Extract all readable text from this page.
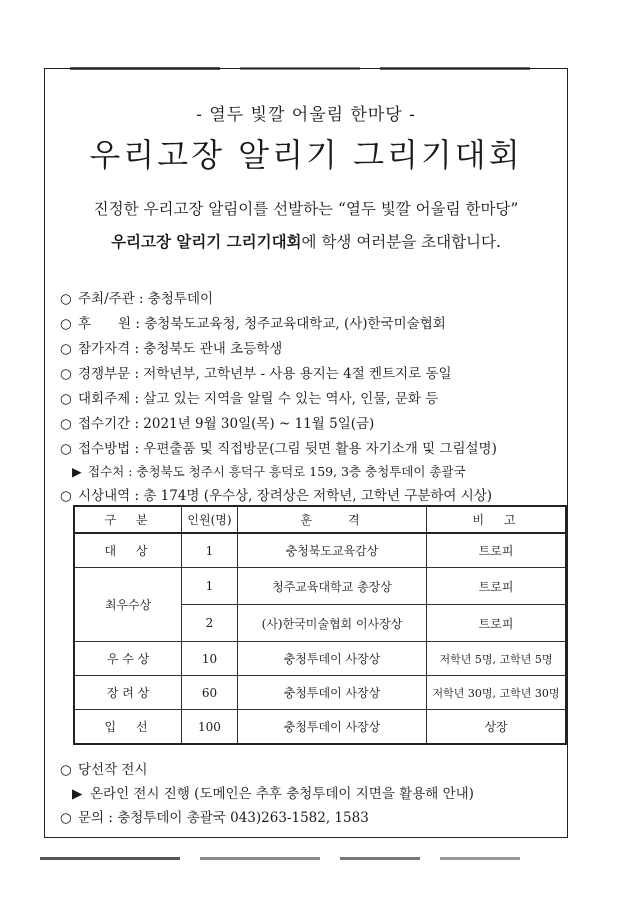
- 열두 빛깔 어울림 한마당 -
우리고장 알리기 그리기대회
진정한 우리고장 알림이를 선발하는 “열두 빛깔 어울림 한마당”
우리고장 알리기 그리기대회에 학생 여러분을 초대합니다.
○ 주최/주관 : 충청투데이
○ 후　　원 : 충청북도교육청, 청주교육대학교, (사)한국미술협회
○ 참가자격 : 충청북도 관내 초등학생
○ 경쟁부문 : 저학년부, 고학년부 - 사용 용지는 4절 켄트지로 동일
○ 대회주제 : 살고 있는 지역을 알릴 수 있는 역사, 인물, 문화 등
○ 접수기간 : 2021년 9월 30일(목) ~ 11월 5일(금)
○ 접수방법 : 우편출품 및 직접방문(그림 뒷면 활용 자기소개 및 그림설명)
▶ 접수처 : 충청북도 청주시 흥덕구 흥덕로 159, 3층 충청투데이 총괄국
○ 시상내역 : 총 174명 (우수상, 장려상은 저학년, 고학년 구분하여 시상)
구　분	인원(명)	훈　　격	비　고
대　상	1	충청북도교육감상	트로피
최우수상	1	청주교육대학교 총장상	트로피
	2	(사)한국미술협회 이사장상	트로피
우 수 상	10	충청투데이 사장상	저학년 5명, 고학년 5명
장 려 상	60	충청투데이 사장상	저학년 30명, 고학년 30명
입　선	100	충청투데이 사장상	상장
○ 당선작 전시
▶ 온라인 전시 진행 (도메인은 추후 충청투데이 지면을 활용해 안내)
○ 문의 : 충청투데이 총괄국 043)263-1582, 1583
